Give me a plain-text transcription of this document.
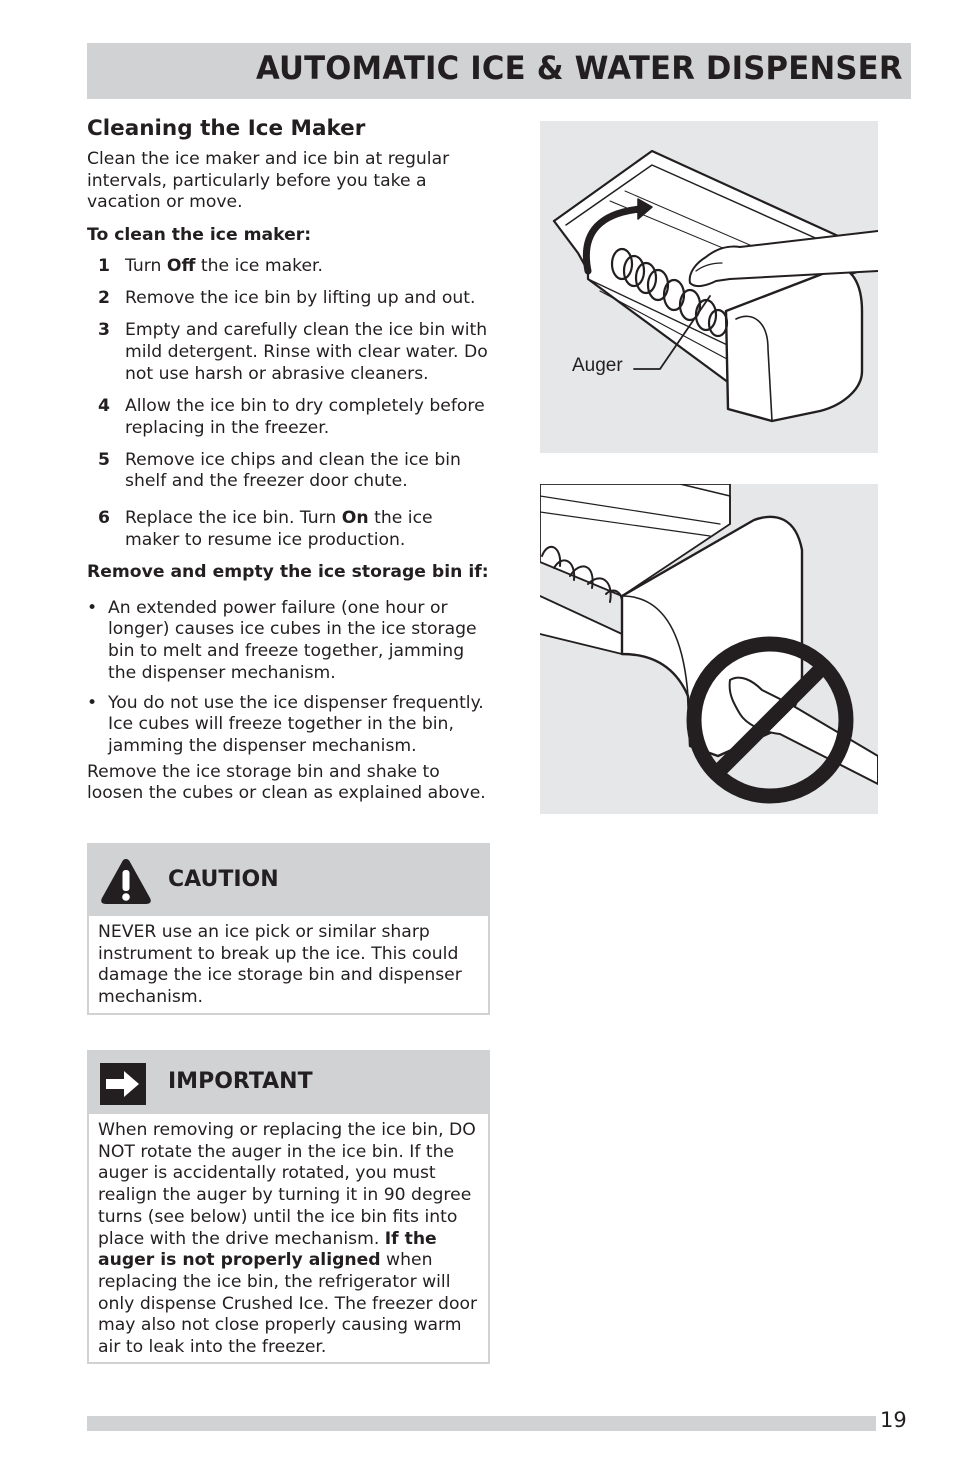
AUTOMATIC ICE & WATER DISPENSER
Cleaning the Ice Maker

Clean the ice maker and ice bin at regular intervals, particularly before you take a vacation or move.

To clean the ice maker:
1 Turn Off the ice maker.
2 Remove the ice bin by lifting up and out.
3 Empty and carefully clean the ice bin with mild detergent. Rinse with clear water. Do not use harsh or abrasive cleaners.
4 Allow the ice bin to dry completely before replacing in the freezer.
5 Remove ice chips and clean the ice bin shelf and the freezer door chute.
6 Replace the ice bin. Turn On the ice maker to resume ice production.
Remove and empty the ice storage bin if:
• An extended power failure (one hour or longer) causes ice cubes in the ice storage bin to melt and freeze together, jamming the dispenser mechanism.
• You do not use the ice dispenser frequently. Ice cubes will freeze together in the bin, jamming the dispenser mechanism.

Remove the ice storage bin and shake to loosen the cubes or clean as explained above.

CAUTION
NEVER use an ice pick or similar sharp instrument to break up the ice. This could damage the ice storage bin and dispenser mechanism.
IMPORTANT
When removing or replacing the ice bin, DO NOT rotate the auger in the ice bin. If the auger is accidentally rotated, you must realign the auger by turning it in 90 degree turns (see below) until the ice bin fits into place with the drive mechanism. If the auger is not properly aligned when replacing the ice bin, the refrigerator will only dispense Crushed Ice. The freezer door may also not close properly causing warm air to leak into the freezer.
Auger
19
